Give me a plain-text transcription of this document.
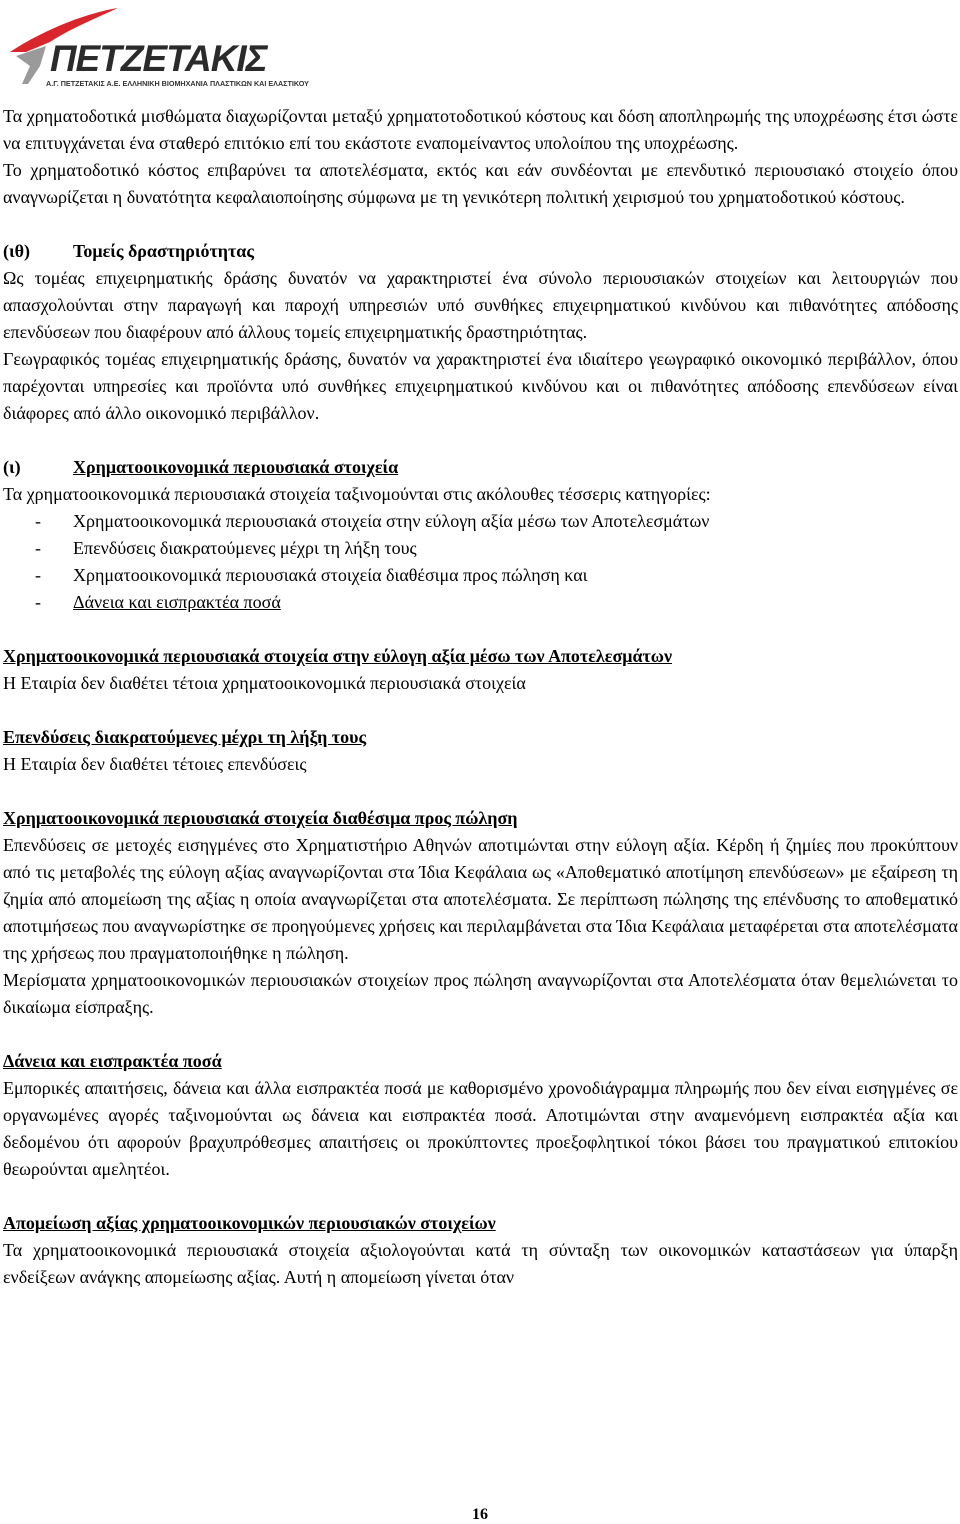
ΠΕΤΖΕΤΑΚΙΣ
Α.Γ. ΠΕΤΖΕΤΑΚΙΣ Α.Ε. ΕΛΛΗΝΙΚΗ ΒΙΟΜΗΧΑΝΙΑ ΠΛΑΣΤΙΚΩΝ ΚΑΙ ΕΛΑΣΤΙΚΟΥ

Τα χρηματοδοτικά μισθώματα διαχωρίζονται μεταξύ χρηματοτοδοτικού κόστους και δόση αποπληρωμής της υποχρέωσης έτσι ώστε να επιτυγχάνεται ένα σταθερό επιτόκιο επί του εκάστοτε εναπομείναντος υπολοίπου της υποχρέωσης.

Το χρηματοδοτικό κόστος επιβαρύνει τα αποτελέσματα, εκτός και εάν συνδέονται με επενδυτικό περιουσιακό στοιχείο όπου αναγνωρίζεται η δυνατότητα κεφαλαιοποίησης σύμφωνα με τη γενικότερη πολιτική χειρισμού του χρηματοδοτικού κόστους.

(ιθ) Τομείς δραστηριότητας

Ως τομέας επιχειρηματικής δράσης δυνατόν να χαρακτηριστεί ένα σύνολο περιουσιακών στοιχείων και λειτουργιών που απασχολούνται στην παραγωγή και παροχή υπηρεσιών υπό συνθήκες επιχειρηματικού κινδύνου και πιθανότητες απόδοσης επενδύσεων που διαφέρουν από άλλους τομείς επιχειρηματικής δραστηριότητας.

Γεωγραφικός τομέας επιχειρηματικής δράσης, δυνατόν να χαρακτηριστεί ένα ιδιαίτερο γεωγραφικό οικονομικό περιβάλλον, όπου παρέχονται υπηρεσίες και προϊόντα υπό συνθήκες επιχειρηματικού κινδύνου και οι πιθανότητες απόδοσης επενδύσεων είναι διάφορες από άλλο οικονομικό περιβάλλον.

(ι)	Χρηματοοικονομικά περιουσιακά στοιχεία

Τα χρηματοοικονομικά περιουσιακά στοιχεία ταξινομούνται στις ακόλουθες τέσσερις κατηγορίες:

- Χρηματοοικονομικά περιουσιακά στοιχεία στην εύλογη αξία μέσω των Αποτελεσμάτων
- Επενδύσεις διακρατούμενες μέχρι τη λήξη τους
- Χρηματοοικονομικά περιουσιακά στοιχεία διαθέσιμα προς πώληση και
- Δάνεια και εισπρακτέα ποσά

Χρηματοοικονομικά περιουσιακά στοιχεία στην εύλογη αξία μέσω των Αποτελεσμάτων

Η Εταιρία δεν διαθέτει τέτοια χρηματοοικονομικά περιουσιακά στοιχεία

Επενδύσεις διακρατούμενες μέχρι τη λήξη τους

Η Εταιρία δεν διαθέτει τέτοιες επενδύσεις

Χρηματοοικονομικά περιουσιακά στοιχεία διαθέσιμα προς πώληση

Επενδύσεις σε μετοχές εισηγμένες στο Χρηματιστήριο Αθηνών αποτιμώνται στην εύλογη αξία. Κέρδη ή ζημίες που προκύπτουν από τις μεταβολές της εύλογη αξίας αναγνωρίζονται στα Ίδια Κεφάλαια ως «Αποθεματικό αποτίμηση επενδύσεων» με εξαίρεση τη ζημία από απομείωση της αξίας η οποία αναγνωρίζεται στα αποτελέσματα. Σε περίπτωση πώλησης της επένδυσης το αποθεματικό αποτιμήσεως που αναγνωρίστηκε σε προηγούμενες χρήσεις και περιλαμβάνεται στα Ίδια Κεφάλαια μεταφέρεται στα αποτελέσματα της χρήσεως που πραγματοποιήθηκε η πώληση.

Μερίσματα χρηματοοικονομικών περιουσιακών στοιχείων προς πώληση αναγνωρίζονται στα Αποτελέσματα όταν θεμελιώνεται το δικαίωμα είσπραξης.

Δάνεια και εισπρακτέα ποσά

Εμπορικές απαιτήσεις, δάνεια και άλλα εισπρακτέα ποσά με καθορισμένο χρονοδιάγραμμα πληρωμής που δεν είναι εισηγμένες σε οργανωμένες αγορές ταξινομούνται ως δάνεια και εισπρακτέα ποσά. Αποτιμώνται στην αναμενόμενη εισπρακτέα αξία και δεδομένου ότι αφορούν βραχυπρόθεσμες απαιτήσεις οι προκύπτοντες προεξοφλητικοί τόκοι βάσει του πραγματικού επιτοκίου θεωρούνται αμελητέοι.

Απομείωση αξίας χρηματοοικονομικών περιουσιακών στοιχείων

Τα χρηματοοικονομικά περιουσιακά στοιχεία αξιολογούνται κατά τη σύνταξη των οικονομικών καταστάσεων για ύπαρξη ενδείξεων ανάγκης απομείωσης αξίας. Αυτή η απομείωση γίνεται όταν

16
